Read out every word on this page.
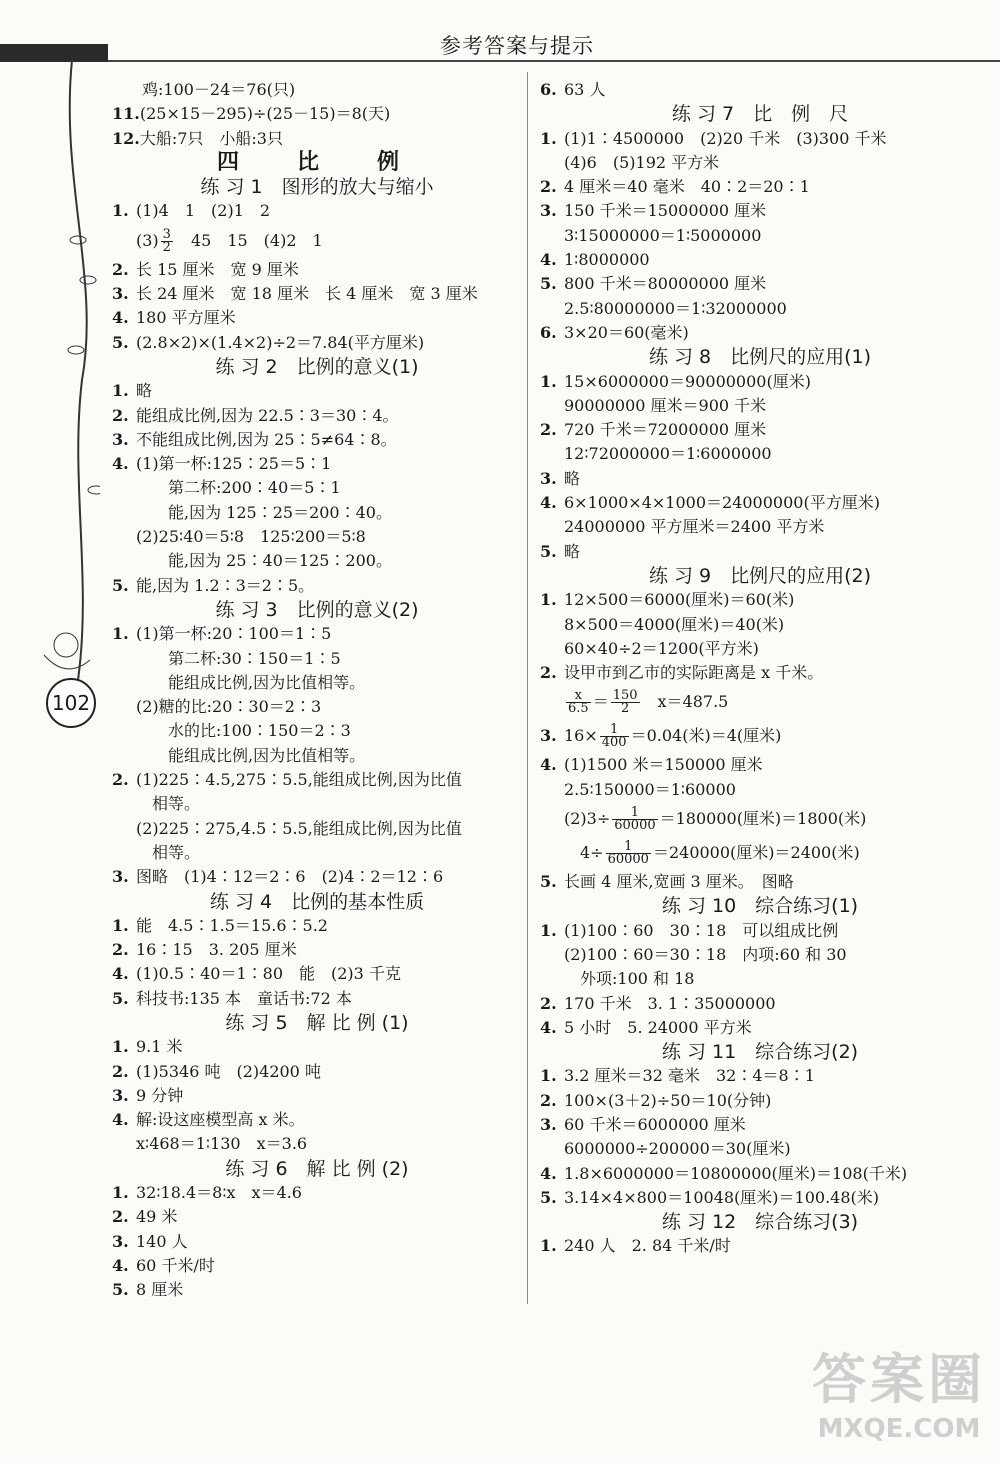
参考答案与提示
102
鸡:100－24＝76(只)
11.(25×15－295)÷(25－15)＝8(天)
12.大船:7只　小船:3只
四　比　例
练 习 1　图形的放大与缩小
1. (1)4　1　(2)1　2
$(3) \frac{3}{2}$ 　45　15　(4)2　1
2. 长 15 厘米　宽 9 厘米
3. 长 24 厘米　宽 18 厘米　长 4 厘米　宽 3 厘米
4. 180 平方厘米
5. (2.8×2)×(1.4×2)÷2＝7.84(平方厘米)
练 习 2　比例的意义(1)
1. 略
2. 能组成比例,因为 22.5∶3＝30∶4。
3. 不能组成比例,因为 25∶5≠64∶8。
4. (1)第一杯:125∶25＝5∶1
　　第二杯:200∶40＝5∶1
　　能,因为 125∶25＝200∶40。
(2)25∶40＝5∶8　125∶200＝5∶8
　　能,因为 25∶40＝125∶200。
5. 能,因为 1.2∶3＝2∶5。
练 习 3　比例的意义(2)
1. (1)第一杯:20∶100＝1∶5
　　第二杯:30∶150＝1∶5
　　能组成比例,因为比值相等。
(2)糖的比:20∶30＝2∶3
　　水的比:100∶150＝2∶3
　　能组成比例,因为比值相等。
2. (1)225∶4.5,275∶5.5,能组成比例,因为比值
　相等。
(2)225∶275,4.5∶5.5,能组成比例,因为比值
　相等。
3. 图略　(1)4∶12＝2∶6　(2)4∶2＝12∶6
练 习 4　比例的基本性质
1. 能　4.5∶1.5＝15.6∶5.2
2. 16∶15　3. 205 厘米
4. (1)0.5∶40＝1∶80　能　(2)3 千克
5. 科技书:135 本　童话书:72 本
练 习 5　解 比 例 (1)
1. 9.1 米
2. (1)5346 吨　(2)4200 吨
3. 9 分钟
4. 解:设这座模型高 x 米。
x∶468＝1∶130　x＝3.6
练 习 6　解 比 例 (2)
1. 32∶18.4＝8∶x　x＝4.6
2. 49 米
3. 140 人
4. 60 千米/时
5. 8 厘米
6. 63 人
练 习 7　比　例　尺
1. (1)1∶4500000　(2)20 千米　(3)300 千米
(4)6　(5)192 平方米
2. 4 厘米＝40 毫米　40∶2＝20∶1
3. 150 千米＝15000000 厘米
3∶15000000＝1∶5000000
4. 1∶8000000
5. 800 千米＝80000000 厘米
2.5∶80000000＝1∶32000000
6. 3×20＝60(毫米)
练 习 8　比例尺的应用(1)
1. 15×6000000＝90000000(厘米)
90000000 厘米＝900 千米
2. 720 千米＝72000000 厘米
12∶72000000＝1∶6000000
3. 略
4. 6×1000×4×1000＝24000000(平方厘米)
24000000 平方厘米＝2400 平方米
5. 略
练 习 9　比例尺的应用(2)
1. 12×500＝6000(厘米)＝60(米)
8×500＝4000(厘米)＝40(米)
60×40÷2＝1200(平方米)
2. 设甲市到乙市的实际距离是 x 千米。
$\frac{x}{6.5} = \frac{150}{2}$ 　x＝487.5
3. $16\times \frac{1}{400} =0.04$(米)＝4(厘米)
4. (1)1500 米＝150000 厘米
2.5∶150000＝1∶60000
$(2)3\div \frac{1}{60000} =180000$(厘米)＝1800(米)
　$4\div \frac{1}{60000} =240000$(厘米)＝2400(米)
5. 长画 4 厘米,宽画 3 厘米。　图略
练 习 10　综合练习(1)
1. (1)100∶60　30∶18　可以组成比例
(2)100∶60＝30∶18　内项:60 和 30
　外项:100 和 18
2. 170 千米　3. 1∶35000000
4. 5 小时　5. 24000 平方米
练 习 11　综合练习(2)
1. 3.2 厘米＝32 毫米　32∶4＝8∶1
2. 100×(3＋2)÷50＝10(分钟)
3. 60 千米＝6000000 厘米
6000000÷200000＝30(厘米)
4. 1.8×6000000＝10800000(厘米)＝108(千米)
5. 3.14×4×800＝10048(厘米)＝100.48(米)
练 习 12　综合练习(3)
1. 240 人　2. 84 千米/时
答案圈
MXQE.COM
